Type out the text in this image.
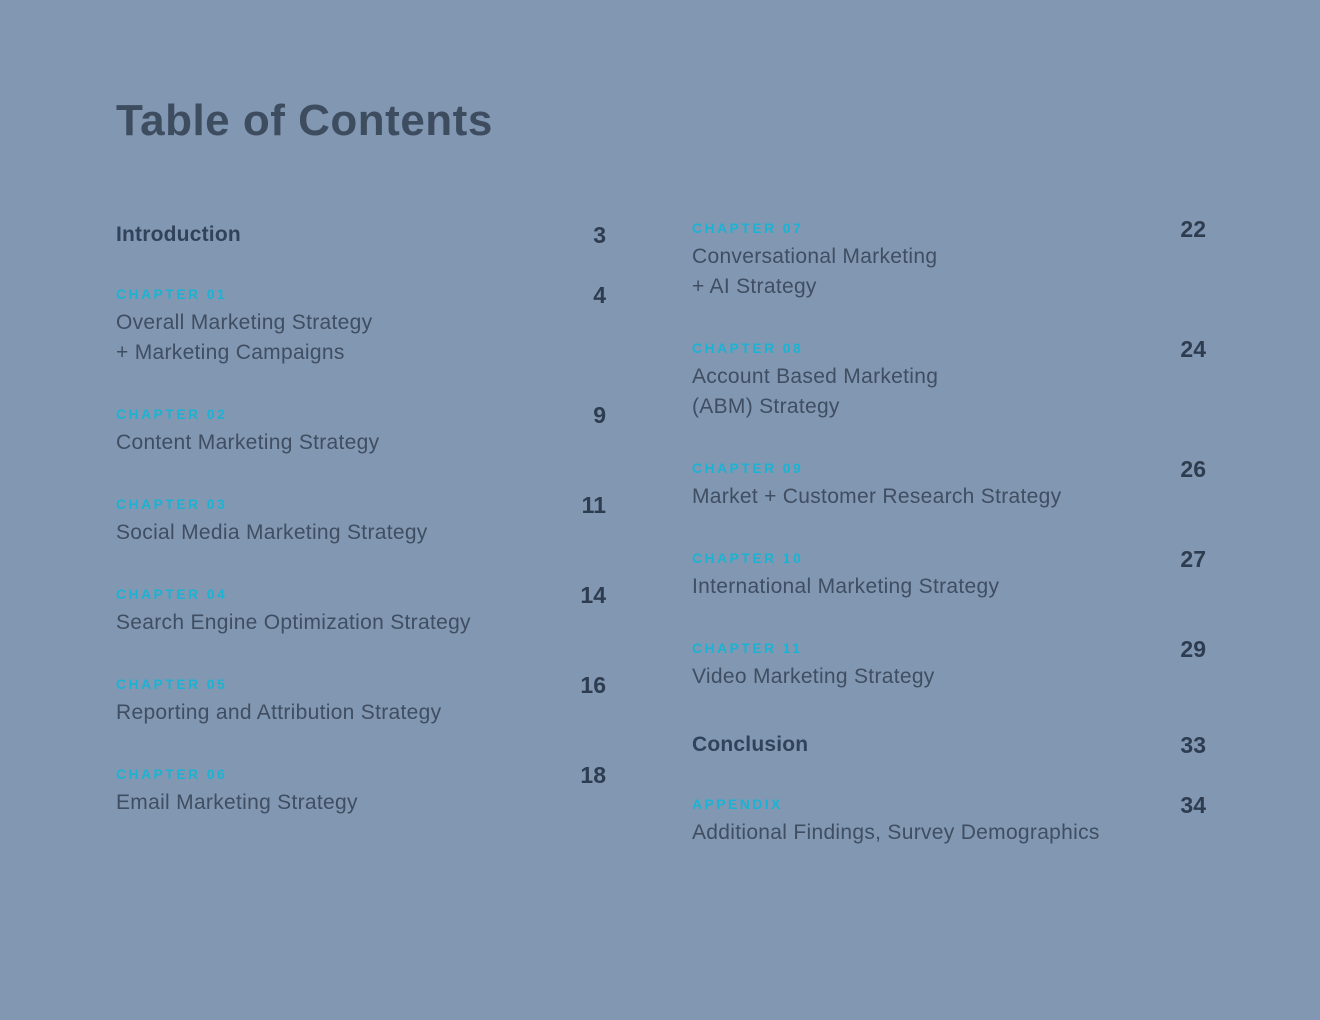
Table of Contents
Introduction	3
CHAPTER 01
Overall Marketing Strategy
+ Marketing Campaigns
4
CHAPTER 02
Content Marketing Strategy
9
CHAPTER 03
Social Media Marketing Strategy
11
CHAPTER 04
Search Engine Optimization Strategy
14
CHAPTER 05
Reporting and Attribution Strategy
16
CHAPTER 06
Email Marketing Strategy
18
CHAPTER 07
Conversational Marketing
+ AI Strategy
22
CHAPTER 08
Account Based Marketing
(ABM) Strategy
24
CHAPTER 09
Market + Customer Research Strategy
26
CHAPTER 10
International Marketing Strategy
27
CHAPTER 11
Video Marketing Strategy
29
Conclusion	33
APPENDIX
Additional Findings, Survey Demographics
34
